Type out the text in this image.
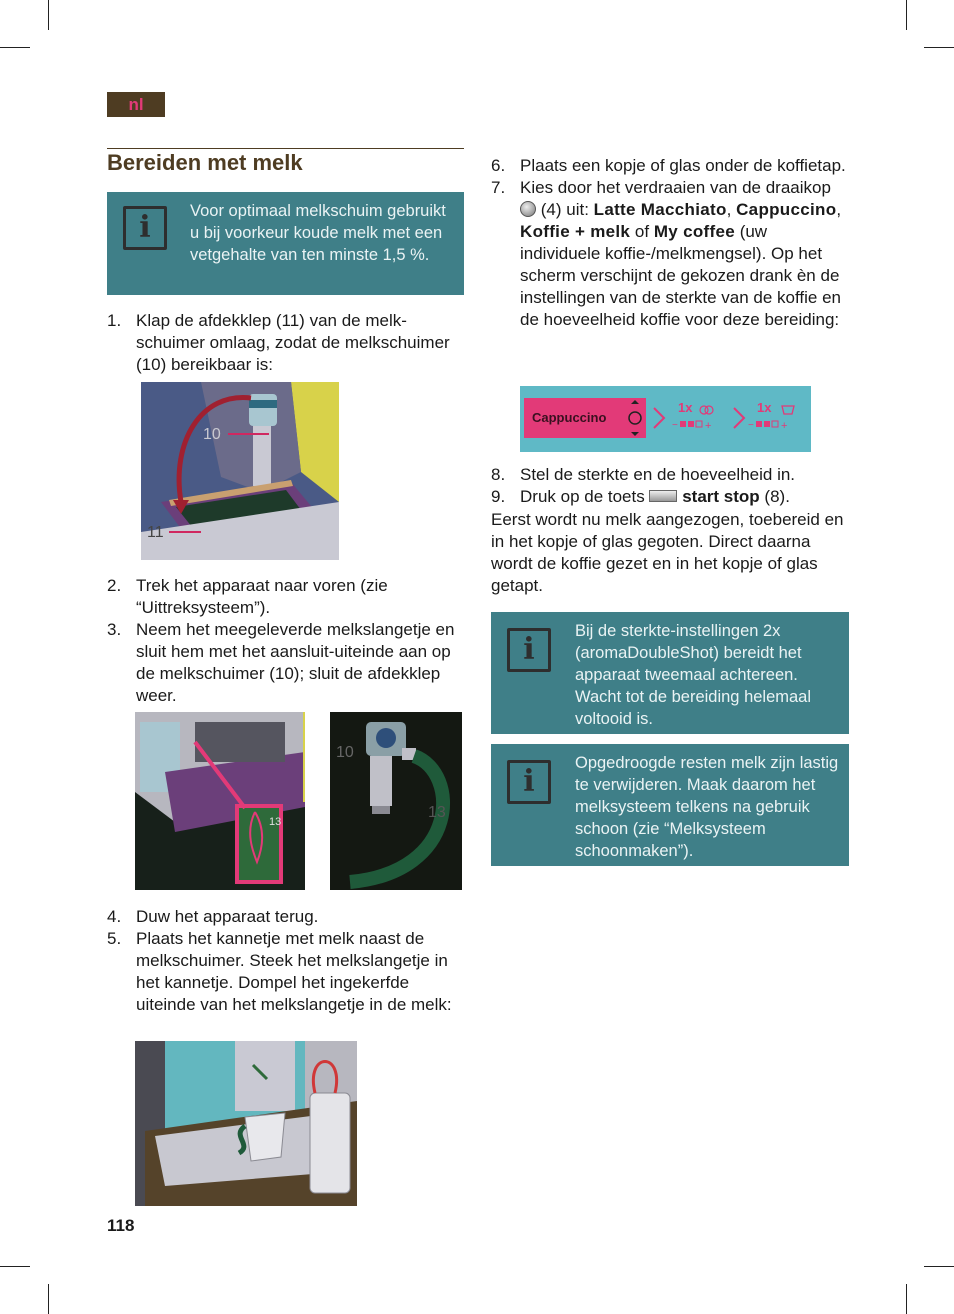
nl
Bereiden met melk
i Voor optimaal melkschuim gebruikt u bij voorkeur koude melk met een vetgehalte van ten minste 1,5 %.
1. Klap de afdekklep (11) van de melkschuimer omlaag, zodat de melkschuimer (10) bereikbaar is:
10
11
2. Trek het apparaat naar voren (zie “Uittreksysteem”).
3. Neem het meegeleverde melkslangetje en sluit hem met het aansluit-uiteinde aan op de melkschuimer (10); sluit de afdekklep weer.
13
10
13
4. Duw het apparaat terug.
5. Plaats het kannetje met melk naast de melkschuimer. Steek het melkslangetje in het kannetje. Dompel het ingekerfde uiteinde van het melkslangetje in de melk:
118
6. Plaats een kopje of glas onder de koffietap.
7. Kies door het verdraaien van de draaikop  (4) uit: Latte Macchiato, Cappuccino, Koffie + melk of My coffee (uw individuele koffie-/melkmengsel). Op het scherm verschijnt de gekozen drank èn de instellingen van de sterkte van de koffie en de hoeveelheid koffie voor deze bereiding:
Cappuccino
− +	− +
1x	1x
8. Stel de sterkte en de hoeveelheid in.
9. Druk op de toets start stop (8).
Eerst wordt nu melk aangezogen, toebereid en in het kopje of glas gegoten. Direct daarna wordt de koffie gezet en in het kopje of glas getapt.
i
Bij de sterkte-instellingen 2x (aromaDoubleShot) bereidt het apparaat tweemaal achtereen. Wacht tot de bereiding helemaal voltooid is.
i
Opgedroogde resten melk zijn lastig te verwijderen. Maak daarom het melksysteem telkens na gebruik schoon (zie “Melksysteem schoonmaken”).
